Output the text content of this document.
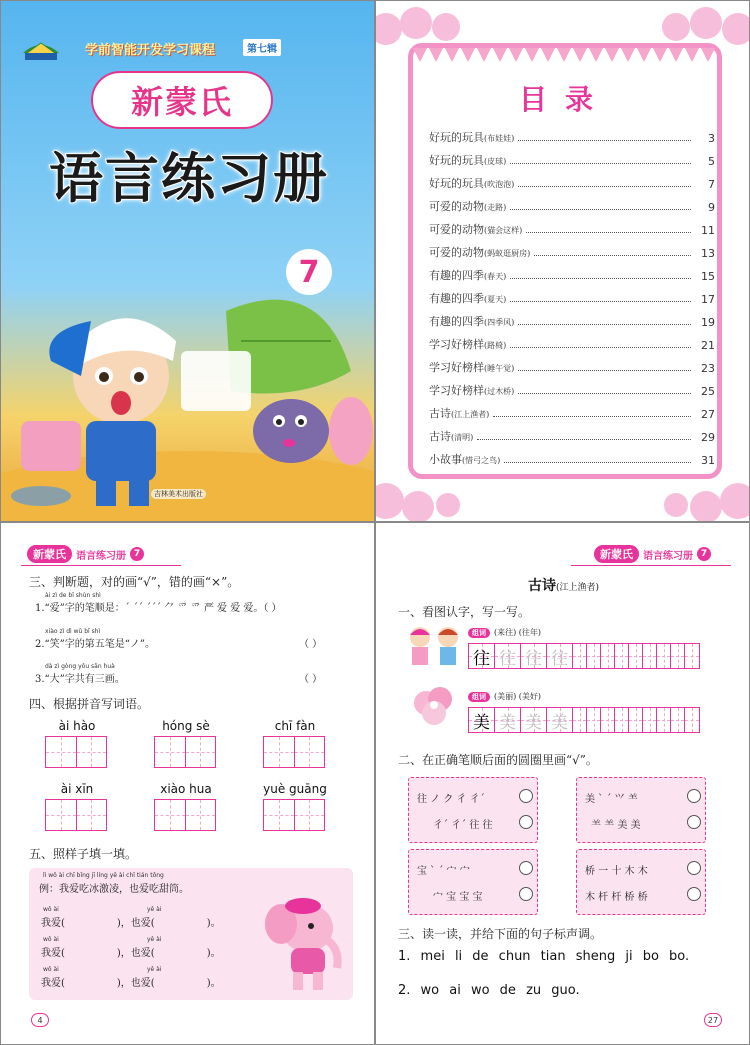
学前智能开发学习课程	第七辑
新蒙氏
语言练习册
7
吉林美术出版社
目录
好玩的玩具(布娃娃)	3
好玩的玩具(皮球)	5
好玩的玩具(吹泡泡)	7
可爱的动物(走路)	9
可爱的动物(猫会这样)	11
可爱的动物(蚂蚁逛厨房)	13
有趣的四季(春天)	15
有趣的四季(夏天)	17
有趣的四季(四季风)	19
学习好榜样(路椅)	21
学习好榜样(睡午觉)	23
学习好榜样(过木桥)	25
古诗(江上渔者)	27
古诗(清明)	29
小故事(惜弓之鸟)	31
新蒙氏	语言练习册 7
三、判断题，对的画“√”，错的画“×”。
ài zì de bǐ shùn shì
1.“爱”字的笔顺是：´ ´´ ´´´ ⺈ 爫 爫 严 爱 爱 爱。（ ）
xiào zì dì wǔ bǐ shì
2.“笑”字的第五笔是“ノ”。	（ ）
dà zì gòng yǒu sān huà
3.“大”字共有三画。	（ ）
四、根据拼音写词语。
ài hào	hóng sè	chī fàn
ài xīn	xiào hua	yuè guāng
五、照样子填一填。
lì wǒ ài chī bīng jī líng yě ài chī tián tǒng
例：我爱吃冰激凌，也爱吃甜筒。
wǒ ài	yě ài
我爱(	)，也爱(	)。
wǒ ài	yě ài
我爱(	)，也爱(	)。
wǒ ài	yě ài
我爱(	)，也爱(	)。
4
新蒙氏	语言练习册 7
古诗(江上渔者)
一、看图认字，写一写。
组词	(来往) (往年)
往 往 往 往
组词	(美丽) (美好)
美 美 美 美
二、在正确笔顺后面的圆圈里画“√”。
往 ノ ク 彳 彳´
彳´ 彳´ 往 往
美 ˋ ˊ ⺍ ⺷
⺷ ⺷ 美 美
宝 ˋ ˊ 宀 宀
宀 宝 宝 宝
桥 一 十 木 木
木 杆 杆 桥 桥
三、读一读，并给下面的句子标声调。
1. mei li de chun tian sheng ji bo bo.
2. wo ai wo de zu guo.
27
